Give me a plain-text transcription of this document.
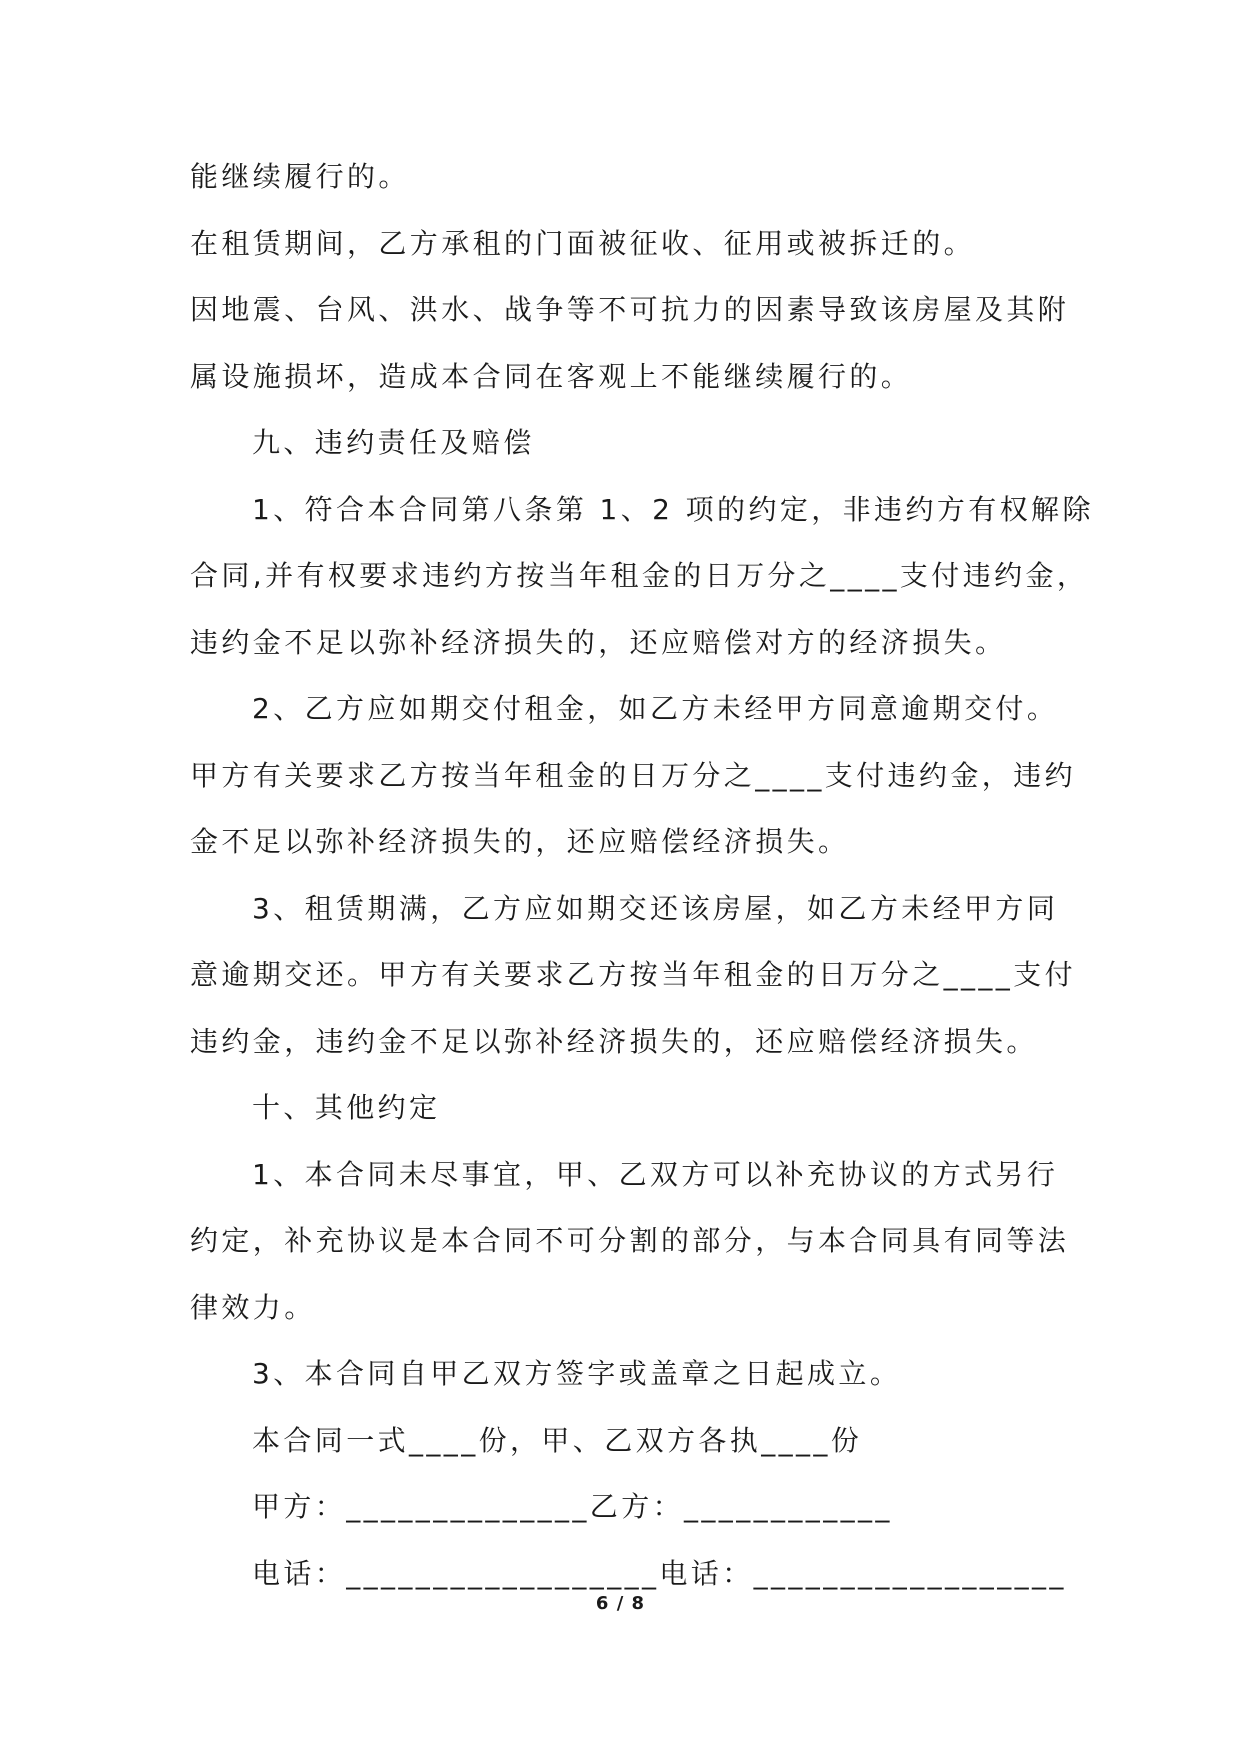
能继续履行的。
在租赁期间，乙方承租的门面被征收、征用或被拆迁的。
因地震、台风、洪水、战争等不可抗力的因素导致该房屋及其附
属设施损坏，造成本合同在客观上不能继续履行的。
九、违约责任及赔偿
1、符合本合同第八条第 1、2 项的约定，非违约方有权解除
合同,并有权要求违约方按当年租金的日万分之____支付违约金，
违约金不足以弥补经济损失的，还应赔偿对方的经济损失。
2、乙方应如期交付租金，如乙方未经甲方同意逾期交付。
甲方有关要求乙方按当年租金的日万分之____支付违约金，违约
金不足以弥补经济损失的，还应赔偿经济损失。
3、租赁期满，乙方应如期交还该房屋，如乙方未经甲方同
意逾期交还。甲方有关要求乙方按当年租金的日万分之____支付
违约金，违约金不足以弥补经济损失的，还应赔偿经济损失。
十、其他约定
1、本合同未尽事宜，甲、乙双方可以补充协议的方式另行
约定，补充协议是本合同不可分割的部分，与本合同具有同等法
律效力。
3、本合同自甲乙双方签字或盖章之日起成立。
本合同一式____份，甲、乙双方各执____份
甲方：______________乙方：____________
电话：__________________电话：__________________
6 / 8
